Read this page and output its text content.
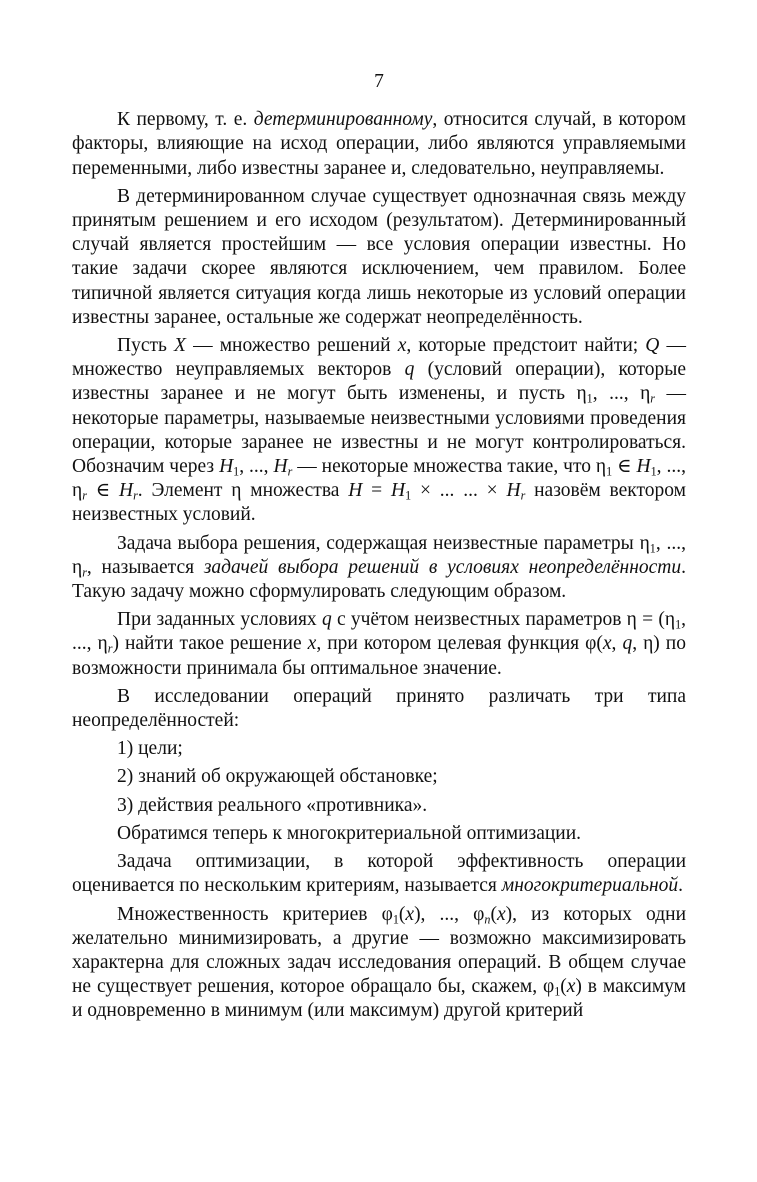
7
К первому, т. е. детерминированному, относится случай, в котором факторы, влияющие на исход операции, либо являются управляемыми переменными, либо известны заранее и, следовательно, неуправляемы.
В детерминированном случае существует однозначная связь между принятым решением и его исходом (результатом). Детерминированный случай является простейшим — все условия операции известны. Но такие задачи скорее являются исключением, чем правилом. Более типичной является ситуация когда лишь некоторые из условий операции известны заранее, остальные же содержат неопределённость.
Пусть X — множество решений x, которые предстоит найти; Q — множество неуправляемых векторов q (условий операции), которые известны заранее и не могут быть изменены, и пусть $\eta_1$, ..., $\eta_r$ — некоторые параметры, называемые неизвестными условиями проведения операции, которые заранее не известны и не могут контролироваться. Обозначим через $H_1$, ..., $H_r$ — некоторые множества такие, что $\eta_1$ ∈ $H_1$, ..., $\eta_r$ ∈ $H_r$. Элемент η множества $H = H_1$ × ... ... × $H_r$ назовём вектором неизвестных условий.
Задача выбора решения, содержащая неизвестные параметры $\eta_1$, ..., $\eta_r$, называется задачей выбора решений в условиях неопределённости. Такую задачу можно сформулировать следующим образом.
При заданных условиях q с учётом неизвестных параметров $\eta = (\eta_1$, ..., $\eta_r$) найти такое решение x, при котором целевая функция φ(x, q, η) по возможности принимала бы оптимальное значение.
В исследовании операций принято различать три типа неопределённостей:
1) цели;
2) знаний об окружающей обстановке;
3) действия реального «противника».
Обратимся теперь к многокритериальной оптимизации.
Задача оптимизации, в которой эффективность операции оценивается по нескольким критериям, называется многокритериальной.
Множественность критериев $\varphi_1(x)$, ..., $\varphi_n(x)$, из которых одни желательно минимизировать, а другие — возможно максимизировать характерна для сложных задач исследования операций. В общем случае не существует решения, которое обращало бы, скажем, $\varphi_1(x)$ в максимум и одновременно в минимум (или максимум) другой критерий
